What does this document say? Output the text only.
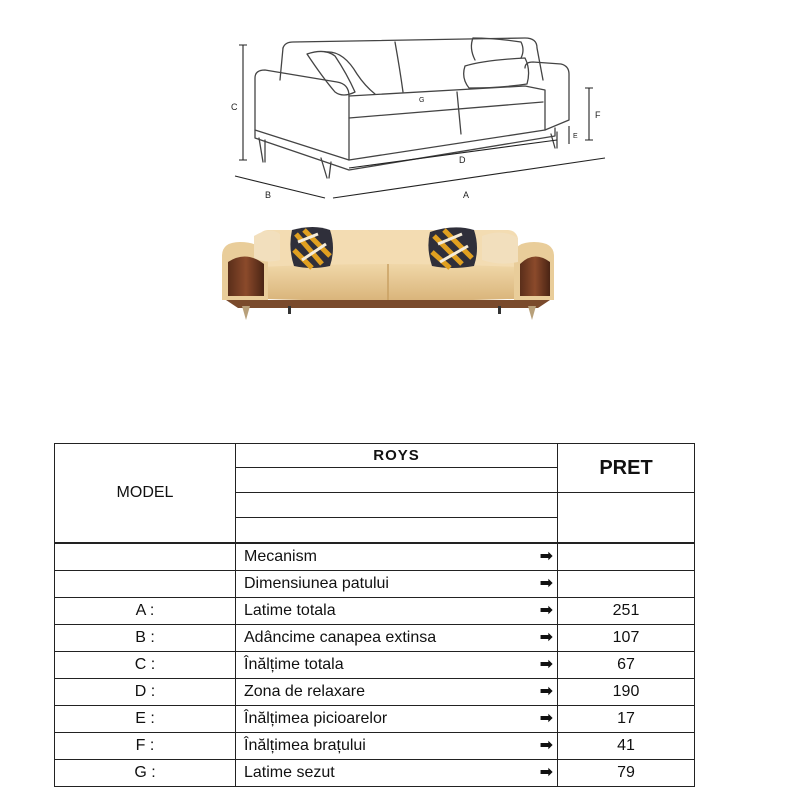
C
F
E
B	A
D
G
MODEL	ROYS	PRET

	Mecanism ➡	

	Dimensiunea patului ➡	

A :	Latime totala ➡	251
B :	Adâncime canapea extinsa ➡	107
C :	Înălțime totala ➡	67
D :	Zona de relaxare ➡	190
E :	Înălțimea picioarelor ➡	17
F :	Înălțimea brațului ➡	41
G :	Latime sezut ➡	79
